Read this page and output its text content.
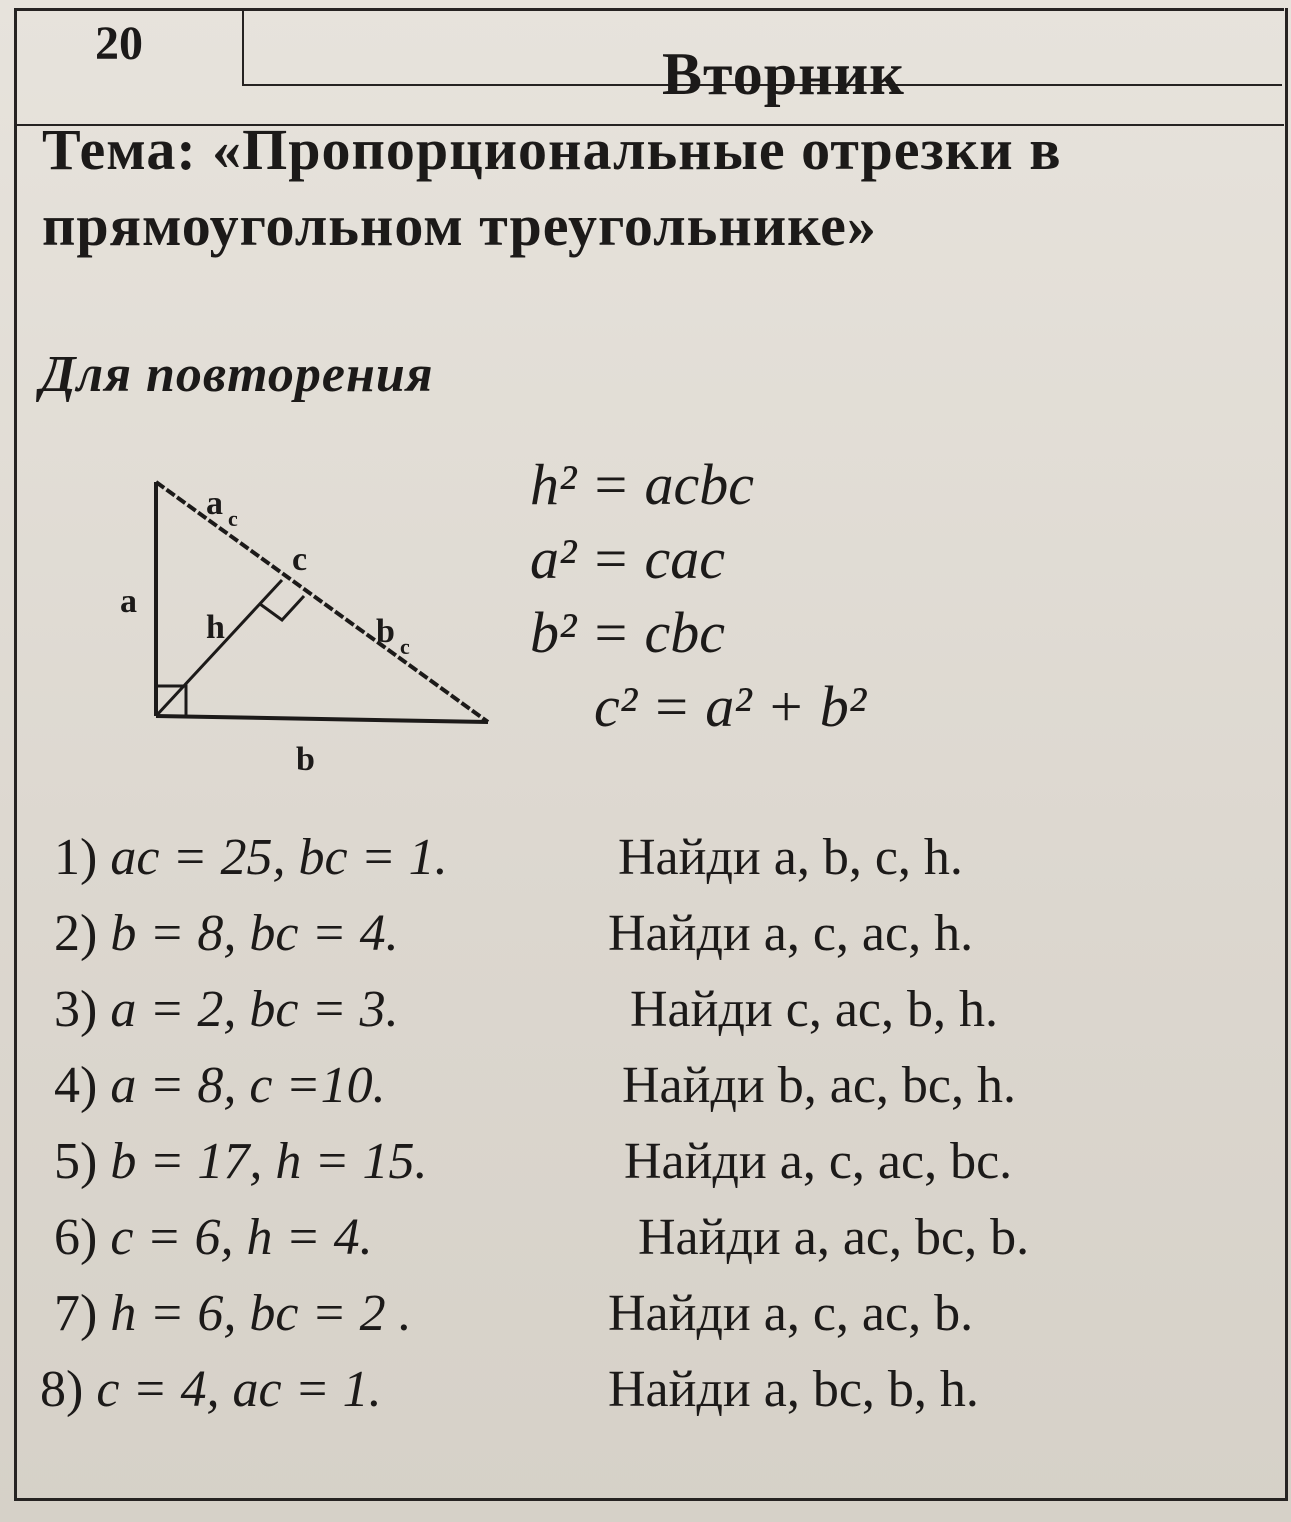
20	Вторник
Тема: «Пропорциональные отрезки в
прямоугольном треугольнике»
Для повторения
a
h
b
c
a c
b c
h² = aсbс
a² = caс
b² = cbс
c² = a² + b²
1) ac = 25, bc = 1.	Найди a, b, c, h.
2) b = 8, bc = 4.	Найди a, c, ac, h.
3) a = 2, bc = 3.	Найди c, ac, b, h.
4) a = 8, c =10.	Найди b, ac, bc, h.
5) b = 17, h = 15.	Найди a, c, ac, bc.
6) c = 6, h = 4.	Найди a, ac, bc, b.
7) h = 6, bc = 2 .	Найди a, c, ac, b.
8) c = 4, ac = 1.	Найди a, bc, b, h.
